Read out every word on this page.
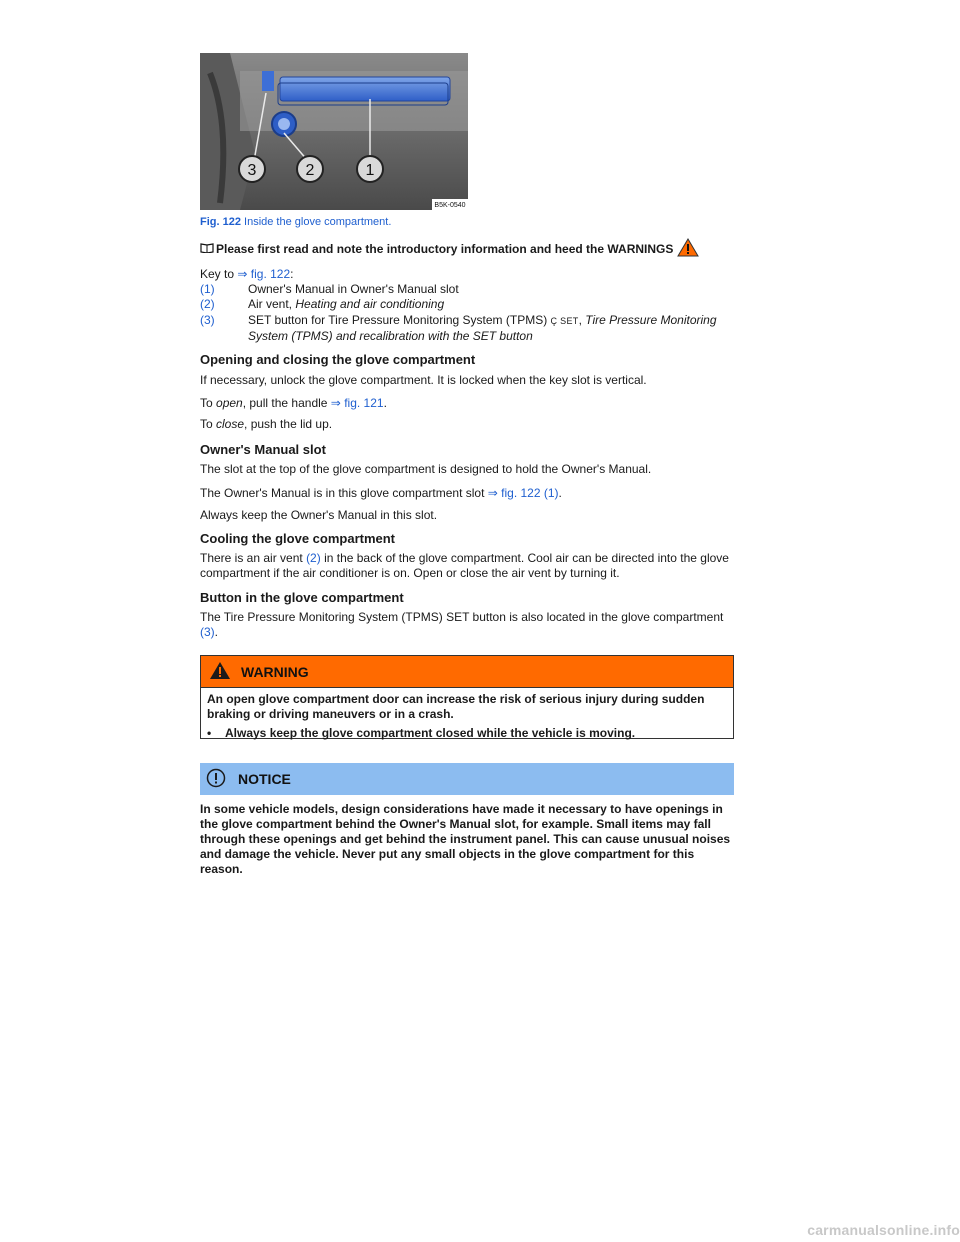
3	2	1
B5K-0540
Fig. 122 Inside the glove compartment.
Please first read and note the introductory information and heed the WARNINGS
Key to ⇒ fig. 122:
(1)	Owner's Manual in Owner's Manual slot
(2)	Air vent, Heating and air conditioning
(3)	SET button for Tire Pressure Monitoring System (TPMS) Ç SET, Tire Pressure Monitoring System (TPMS) and recalibration with the SET button
Opening and closing the glove compartment

If necessary, unlock the glove compartment. It is locked when the key slot is vertical.

To open, pull the handle ⇒ fig. 121.

To close, push the lid up.

Owner's Manual slot

The slot at the top of the glove compartment is designed to hold the Owner's Manual.

The Owner's Manual is in this glove compartment slot ⇒ fig. 122 (1).

Always keep the Owner's Manual in this slot.

Cooling the glove compartment

There is an air vent (2) in the back of the glove compartment. Cool air can be directed into the glove compartment if the air conditioner is on. Open or close the air vent by turning it.

Button in the glove compartment

The Tire Pressure Monitoring System (TPMS) SET button is also located in the glove compartment (3).

WARNING
An open glove compartment door can increase the risk of serious injury during sudden braking or driving maneuvers or in a crash.
•	Always keep the glove compartment closed while the vehicle is moving.
NOTICE
In some vehicle models, design considerations have made it necessary to have openings in the glove compartment behind the Owner's Manual slot, for example. Small items may fall through these openings and get behind the instrument panel. This can cause unusual noises and damage the vehicle. Never put any small objects in the glove compartment for this reason.
carmanualsonline.info
